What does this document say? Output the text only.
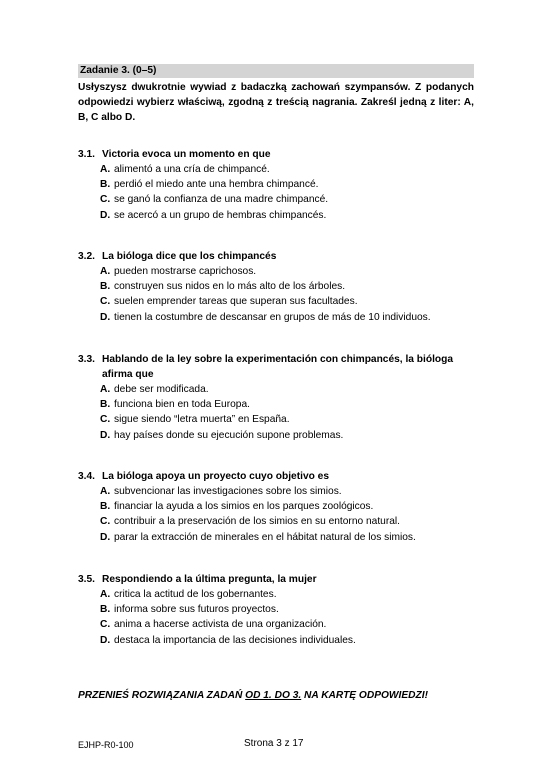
Zadanie 3. (0–5)
Usłyszysz dwukrotnie wywiad z badaczką zachowań szympansów. Z podanych odpowiedzi wybierz właściwą, zgodną z treścią nagrania. Zakreśl jedną z liter: A, B, C albo D.
3.1. Victoria evoca un momento en que
A. alimentó a una cría de chimpancé.
B. perdió el miedo ante una hembra chimpancé.
C. se ganó la confianza de una madre chimpancé.
D. se acercó a un grupo de hembras chimpancés.
3.2. La bióloga dice que los chimpancés
A. pueden mostrarse caprichosos.
B. construyen sus nidos en lo más alto de los árboles.
C. suelen emprender tareas que superan sus facultades.
D. tienen la costumbre de descansar en grupos de más de 10 individuos.
3.3. Hablando de la ley sobre la experimentación con chimpancés, la bióloga afirma que
A. debe ser modificada.
B. funciona bien en toda Europa.
C. sigue siendo “letra muerta” en España.
D. hay países donde su ejecución supone problemas.
3.4. La bióloga apoya un proyecto cuyo objetivo es
A. subvencionar las investigaciones sobre los simios.
B. financiar la ayuda a los simios en los parques zoológicos.
C. contribuir a la preservación de los simios en su entorno natural.
D. parar la extracción de minerales en el hábitat natural de los simios.
3.5. Respondiendo a la última pregunta, la mujer
A. critica la actitud de los gobernantes.
B. informa sobre sus futuros proyectos.
C. anima a hacerse activista de una organización.
D. destaca la importancia de las decisiones individuales.
PRZENIEŚ ROZWIĄZANIA ZADAŃ OD 1. DO 3. NA KARTĘ ODPOWIEDZI!
EJHP-R0-100	Strona 3 z 17
